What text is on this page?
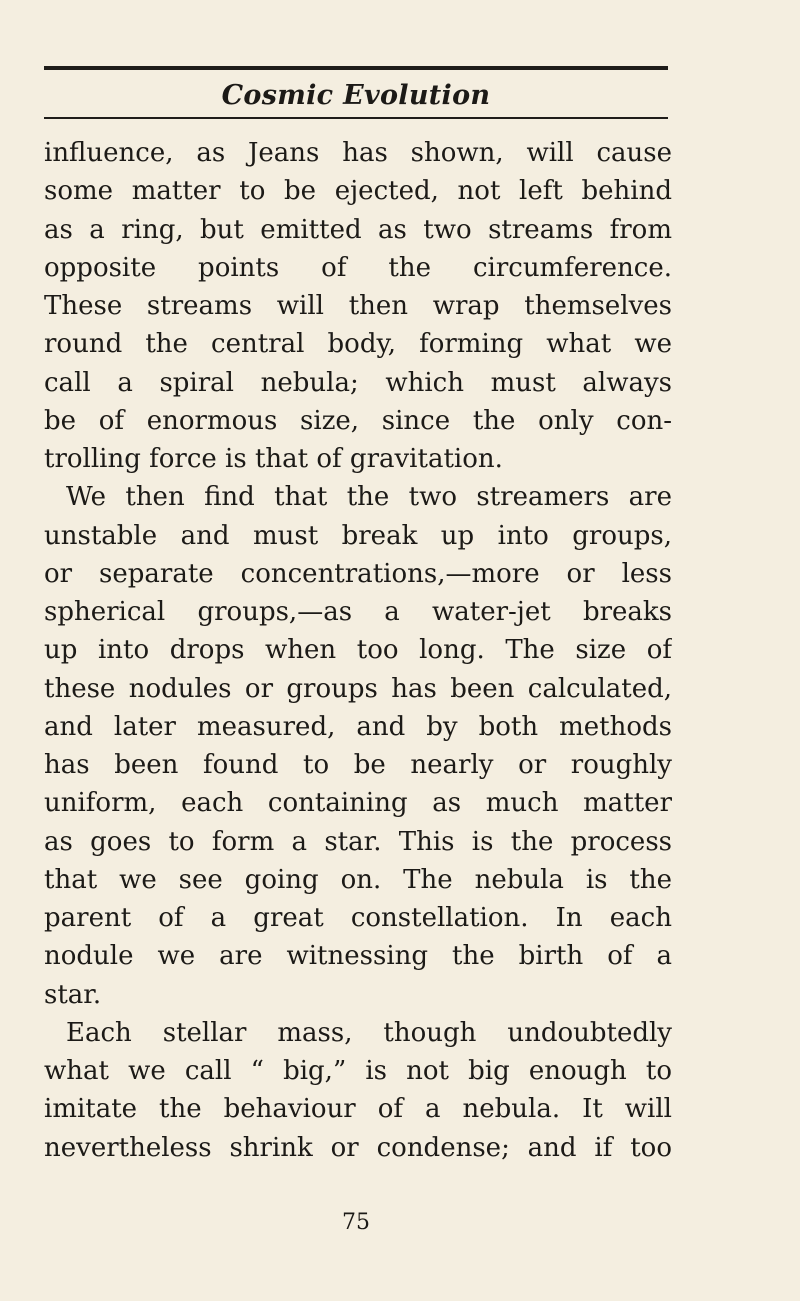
Cosmic Evolution
influence, as Jeans has shown, will cause
some matter to be ejected, not left behind
as a ring, but emitted as two streams from
opposite points of the circumference.
These streams will then wrap themselves
round the central body, forming what we
call a spiral nebula; which must always
be of enormous size, since the only con-
trolling force is that of gravitation.
We then find that the two streamers are
unstable and must break up into groups,
or separate concentrations,—more or less
spherical groups,—as a water-jet breaks
up into drops when too long. The size of
these nodules or groups has been calculated,
and later measured, and by both methods
has been found to be nearly or roughly
uniform, each containing as much matter
as goes to form a star. This is the process
that we see going on. The nebula is the
parent of a great constellation. In each
nodule we are witnessing the birth of a
star.
Each stellar mass, though undoubtedly
what we call “ big,” is not big enough to
imitate the behaviour of a nebula. It will
nevertheless shrink or condense; and if too
75
